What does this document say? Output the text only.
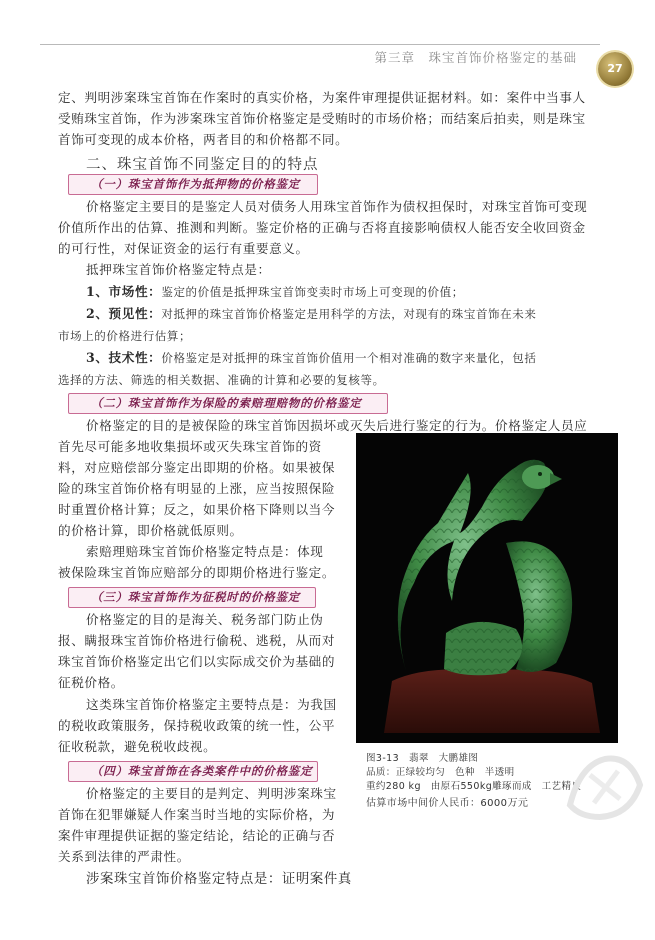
第三章　珠宝首饰价格鉴定的基础
27
定、判明涉案珠宝首饰在作案时的真实价格，为案件审理提供证据材料。如：案件中当事人
受贿珠宝首饰，作为涉案珠宝首饰价格鉴定是受贿时的市场价格；而结案后拍卖，则是珠宝
首饰可变现的成本价格，两者目的和价格都不同。
二、珠宝首饰不同鉴定目的的特点
（一）珠宝首饰作为抵押物的价格鉴定
价格鉴定主要目的是鉴定人员对债务人用珠宝首饰作为债权担保时，对珠宝首饰可变现
价值所作出的估算、推测和判断。鉴定价格的正确与否将直接影响债权人能否安全收回资金
的可行性，对保证资金的运行有重要意义。
抵押珠宝首饰价格鉴定特点是：
1、市场性：鉴定的价值是抵押珠宝首饰变卖时市场上可变现的价值；
2、预见性：对抵押的珠宝首饰价格鉴定是用科学的方法，对现有的珠宝首饰在未来
市场上的价格进行估算；
3、技术性：价格鉴定是对抵押的珠宝首饰价值用一个相对准确的数字来量化，包括
选择的方法、筛选的相关数据、准确的计算和必要的复核等。
（二）珠宝首饰作为保险的索赔理赔物的价格鉴定
价格鉴定的目的是被保险的珠宝首饰因损坏或灭失后进行鉴定的行为。价格鉴定人员应
首先尽可能多地收集损坏或灭失珠宝首饰的资
料，对应赔偿部分鉴定出即期的价格。如果被保
险的珠宝首饰价格有明显的上涨，应当按照保险
时重置价格计算；反之，如果价格下降则以当今
的价格计算，即价格就低原则。
索赔理赔珠宝首饰价格鉴定特点是：体现
被保险珠宝首饰应赔部分的即期价格进行鉴定。
（三）珠宝首饰作为征税时的价格鉴定
价格鉴定的目的是海关、税务部门防止伪
报、瞒报珠宝首饰价格进行偷税、逃税，从而对
珠宝首饰价格鉴定出它们以实际成交价为基础的
征税价格。
这类珠宝首饰价格鉴定主要特点是：为我国
的税收政策服务，保持税收政策的统一性，公平
征收税款，避免税收歧视。
（四）珠宝首饰在各类案件中的价格鉴定
价格鉴定的主要目的是判定、判明涉案珠宝
首饰在犯罪嫌疑人作案当时当地的实际价格，为
案件审理提供证据的鉴定结论，结论的正确与否
关系到法律的严肃性。
涉案珠宝首饰价格鉴定特点是：证明案件真
图3-13　翡翠　大鹏雄图
品质：正绿较均匀　色种　半透明
重约280 kg　由原石550kg雕琢而成　工艺精良
估算市场中间价人民币：6000万元
